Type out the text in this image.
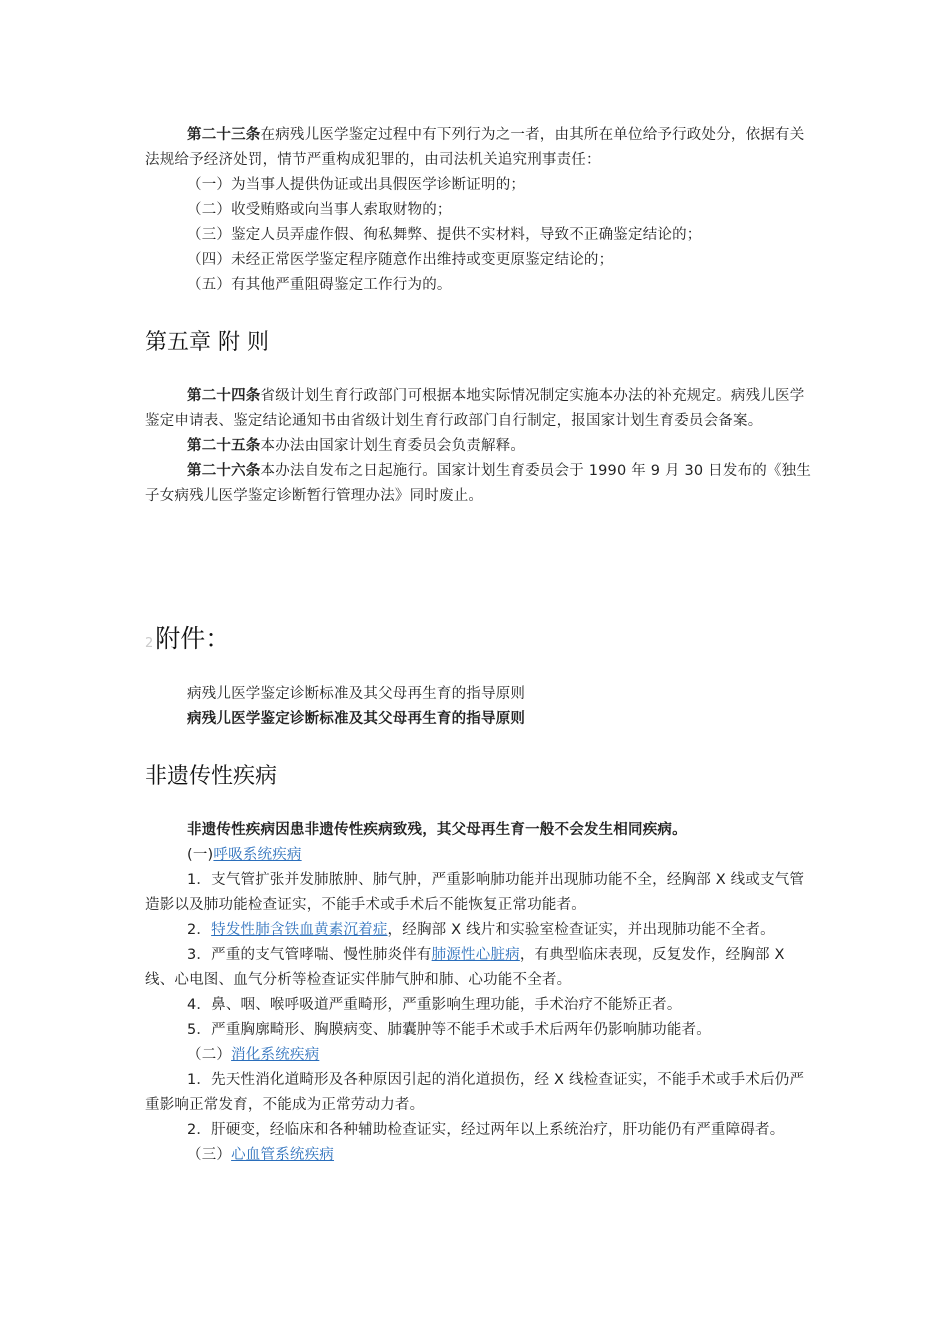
第二十三条在病残儿医学鉴定过程中有下列行为之一者，由其所在单位给予行政处分，依据有关法规给予经济处罚，情节严重构成犯罪的，由司法机关追究刑事责任：

（一）为当事人提供伪证或出具假医学诊断证明的；

（二）收受贿赂或向当事人索取财物的；

（三）鉴定人员弄虚作假、徇私舞弊、提供不实材料，导致不正确鉴定结论的；

（四）未经正常医学鉴定程序随意作出维持或变更原鉴定结论的；

（五）有其他严重阻碍鉴定工作行为的。

第五章 附 则

第二十四条省级计划生育行政部门可根据本地实际情况制定实施本办法的补充规定。病残儿医学鉴定申请表、鉴定结论通知书由省级计划生育行政部门自行制定，报国家计划生育委员会备案。

第二十五条本办法由国家计划生育委员会负责解释。

第二十六条本办法自发布之日起施行。国家计划生育委员会于 1990 年 9 月 30 日发布的《独生子女病残儿医学鉴定诊断暂行管理办法》同时废止。

2附件：

病残儿医学鉴定诊断标准及其父母再生育的指导原则

病残儿医学鉴定诊断标准及其父母再生育的指导原则

非遗传性疾病

非遗传性疾病因患非遗传性疾病致残，其父母再生育一般不会发生相同疾病。

(一)呼吸系统疾病

1．支气管扩张并发肺脓肿、肺气肿，严重影响肺功能并出现肺功能不全，经胸部 X 线或支气管造影以及肺功能检查证实，不能手术或手术后不能恢复正常功能者。

2．特发性肺含铁血黄素沉着症，经胸部 X 线片和实验室检查证实，并出现肺功能不全者。

3．严重的支气管哮喘、慢性肺炎伴有肺源性心脏病，有典型临床表现，反复发作，经胸部 X 线、心电图、血气分析等检查证实伴肺气肿和肺、心功能不全者。

4．鼻、咽、喉呼吸道严重畸形，严重影响生理功能，手术治疗不能矫正者。

5．严重胸廓畸形、胸膜病变、肺囊肿等不能手术或手术后两年仍影响肺功能者。

（二）消化系统疾病

1．先天性消化道畸形及各种原因引起的消化道损伤，经 X 线检查证实，不能手术或手术后仍严重影响正常发育，不能成为正常劳动力者。

2．肝硬变，经临床和各种辅助检查证实，经过两年以上系统治疗，肝功能仍有严重障碍者。

（三）心血管系统疾病
